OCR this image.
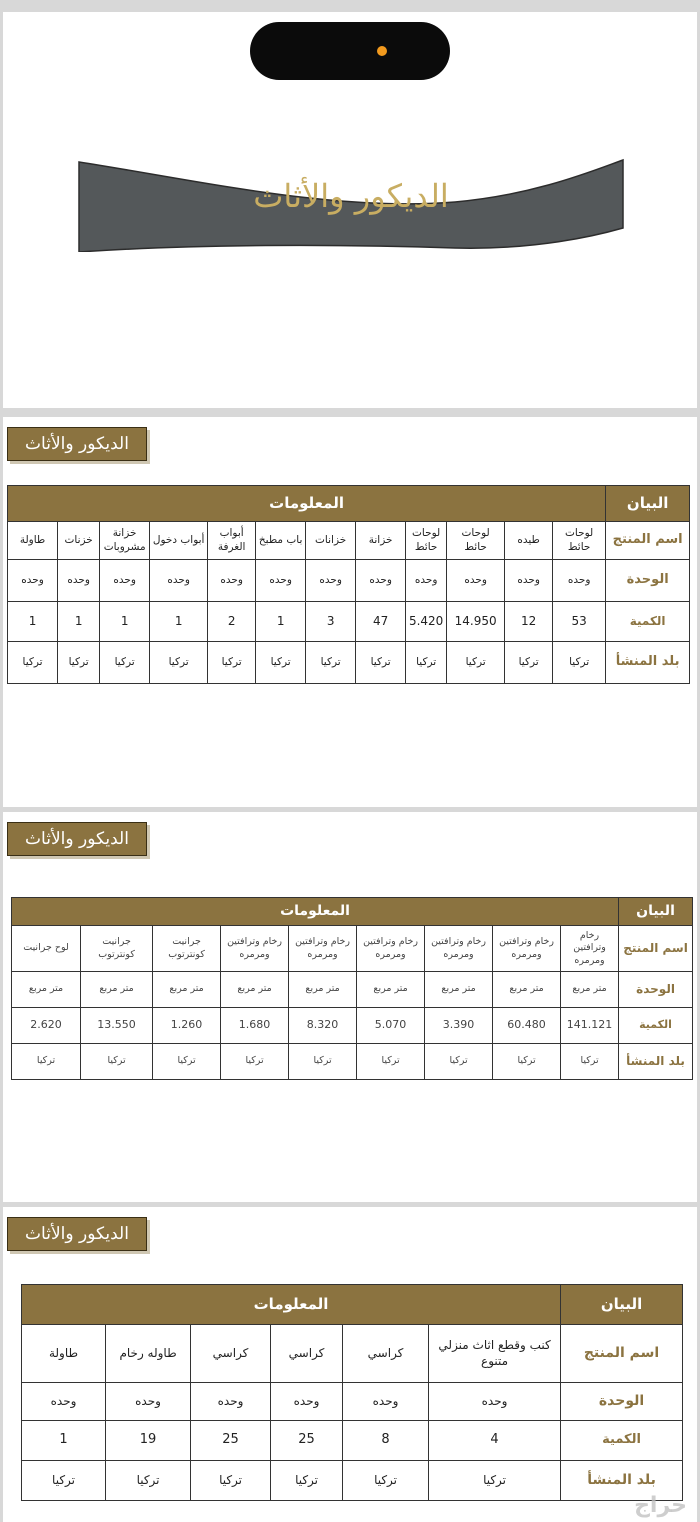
الديكور والأثاث
الديكور والأثاث
البيان	المعلومات											
اسم المنتج	لوحات حائط	طيده	لوحات حائط	لوحات حائط	خزانة	خزانات	باب مطبخ	أبواب الغرفة	أبواب دخول	خزانة مشروبات	خزنات	طاولة
الوحدة	وحده	وحده	وحده	وحده	وحده	وحده	وحده	وحده	وحده	وحده	وحده	وحده
الكمية	53	12	14.950	5.420	47	3	1	2	1	1	1	1
بلد المنشأ	تركيا	تركيا	تركيا	تركيا	تركيا	تركيا	تركيا	تركيا	تركيا	تركيا	تركيا	تركيا
الديكور والأثاث
البيان	المعلومات								
اسم المنتج	رخام وترافتين ومرمره	رخام وترافتين ومرمره	رخام وترافتين ومرمره	رخام وترافتين ومرمره	رخام وترافتين ومرمره	رخام وترافتين ومرمره	جرانيت كونترتوب	جرانيت كونترتوب	لوح جرانيت
الوحدة	متر مربع	متر مربع	متر مربع	متر مربع	متر مربع	متر مربع	متر مربع	متر مربع	متر مربع
الكمية	141.121	60.480	3.390	5.070	8.320	1.680	1.260	13.550	2.620
بلد المنشأ	تركيا	تركيا	تركيا	تركيا	تركيا	تركيا	تركيا	تركيا	تركيا
الديكور والأثاث
البيان	المعلومات					
اسم المنتج	كنب وقطع اثاث منزلي متنوع	كراسي	كراسي	كراسي	طاوله رخام	طاولة
الوحدة	وحده	وحده	وحده	وحده	وحده	وحده
الكمية	4	8	25	25	19	1
بلد المنشأ	تركيا	تركيا	تركيا	تركيا	تركيا	تركيا
حراج
